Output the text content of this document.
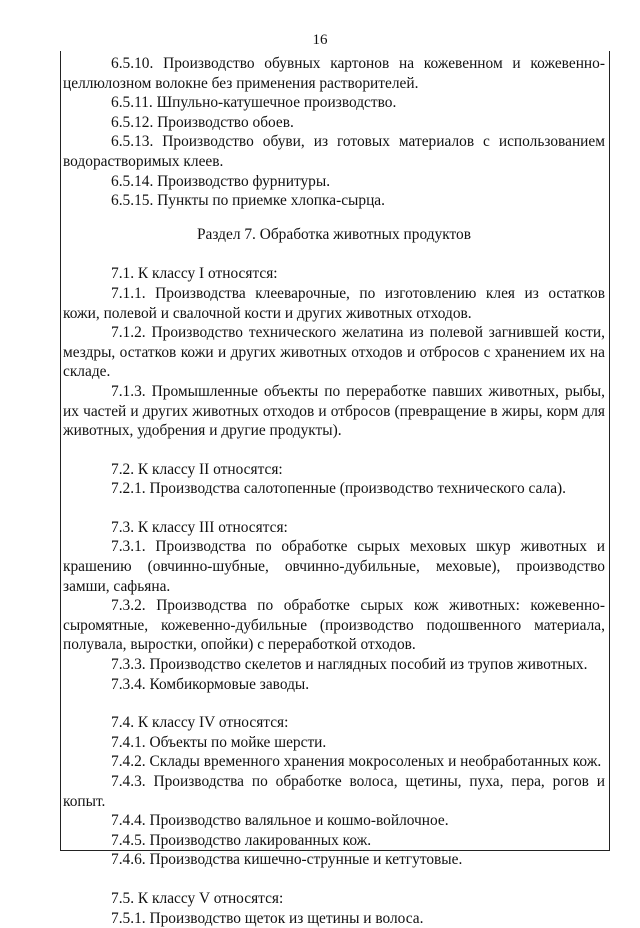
16

6.5.10. Производство обувных картонов на кожевенном и кожевенно-целлюлозном волокне без применения растворителей.

6.5.11. Шпульно-катушечное производство.

6.5.12. Производство обоев.

6.5.13. Производство обуви, из готовых материалов с использованием водорастворимых клеев.

6.5.14. Производство фурнитуры.

6.5.15. Пункты по приемке хлопка-сырца.

Раздел 7. Обработка животных продуктов

7.1. К классу I относятся:

7.1.1. Производства клееварочные, по изготовлению клея из остатков кожи, полевой и свалочной кости и других животных отходов.

7.1.2. Производство технического желатина из полевой загнившей кости, мездры, остатков кожи и других животных отходов и отбросов с хранением их на складе.

7.1.3. Промышленные объекты по переработке павших животных, рыбы, их частей и других животных отходов и отбросов (превращение в жиры, корм для животных, удобрения и другие продукты).

7.2. К классу II относятся:

7.2.1. Производства салотопенные (производство технического сала).

7.3. К классу III относятся:

7.3.1. Производства по обработке сырых меховых шкур животных и крашению (овчинно-шубные, овчинно-дубильные, меховые), производство замши, сафьяна.

7.3.2. Производства по обработке сырых кож животных: кожевенно-сыромятные, кожевенно-дубильные (производство подошвенного материала, полувала, выростки, опойки) с переработкой отходов.

7.3.3. Производство скелетов и наглядных пособий из трупов животных.

7.3.4. Комбикормовые заводы.

7.4. К классу IV относятся:

7.4.1. Объекты по мойке шерсти.

7.4.2. Склады временного хранения мокросоленых и необработанных кож.

7.4.3. Производства по обработке волоса, щетины, пуха, пера, рогов и копыт.

7.4.4. Производство валяльное и кошмо-войлочное.

7.4.5. Производство лакированных кож.

7.4.6. Производства кишечно-струнные и кетгутовые.

7.5. К классу V относятся:

7.5.1. Производство щеток из щетины и волоса.
